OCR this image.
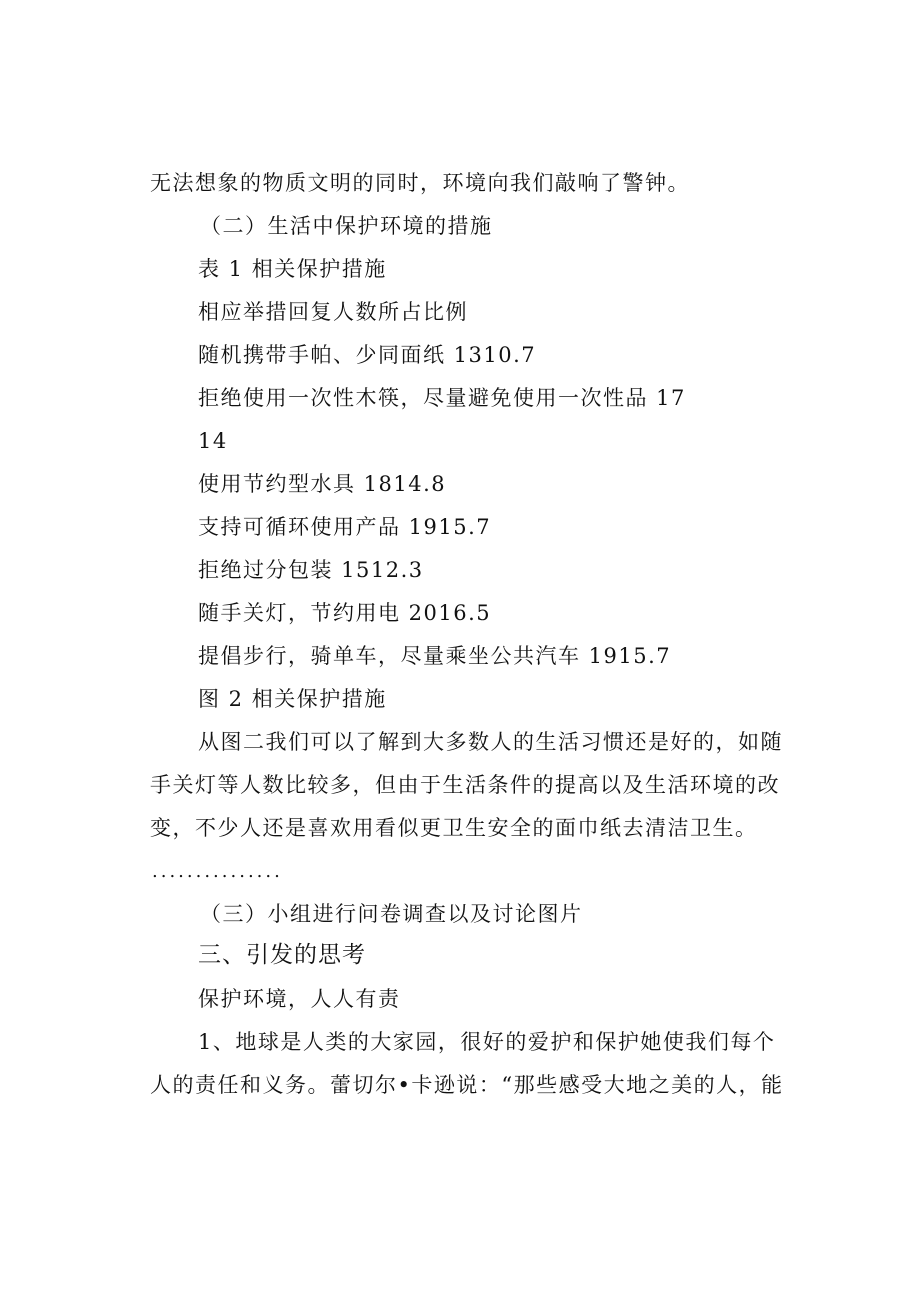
无法想象的物质文明的同时，环境向我们敲响了警钟。
（二）生活中保护环境的措施
表 1 相关保护措施
相应举措回复人数所占比例
随机携带手帕、少同面纸 1310.7
拒绝使用一次性木筷，尽量避免使用一次性品 17
14
使用节约型水具 1814.8
支持可循环使用产品 1915.7
拒绝过分包装 1512.3
随手关灯，节约用电 2016.5
提倡步行，骑单车，尽量乘坐公共汽车 1915.7
图 2 相关保护措施
从图二我们可以了解到大多数人的生活习惯还是好的，如随
手关灯等人数比较多，但由于生活条件的提高以及生活环境的改
变，不少人还是喜欢用看似更卫生安全的面巾纸去清洁卫生。
...............
（三）小组进行问卷调查以及讨论图片
三、引发的思考
保护环境，人人有责
1、地球是人类的大家园，很好的爱护和保护她使我们每个
人的责任和义务。蕾切尔•卡逊说：“那些感受大地之美的人，能
